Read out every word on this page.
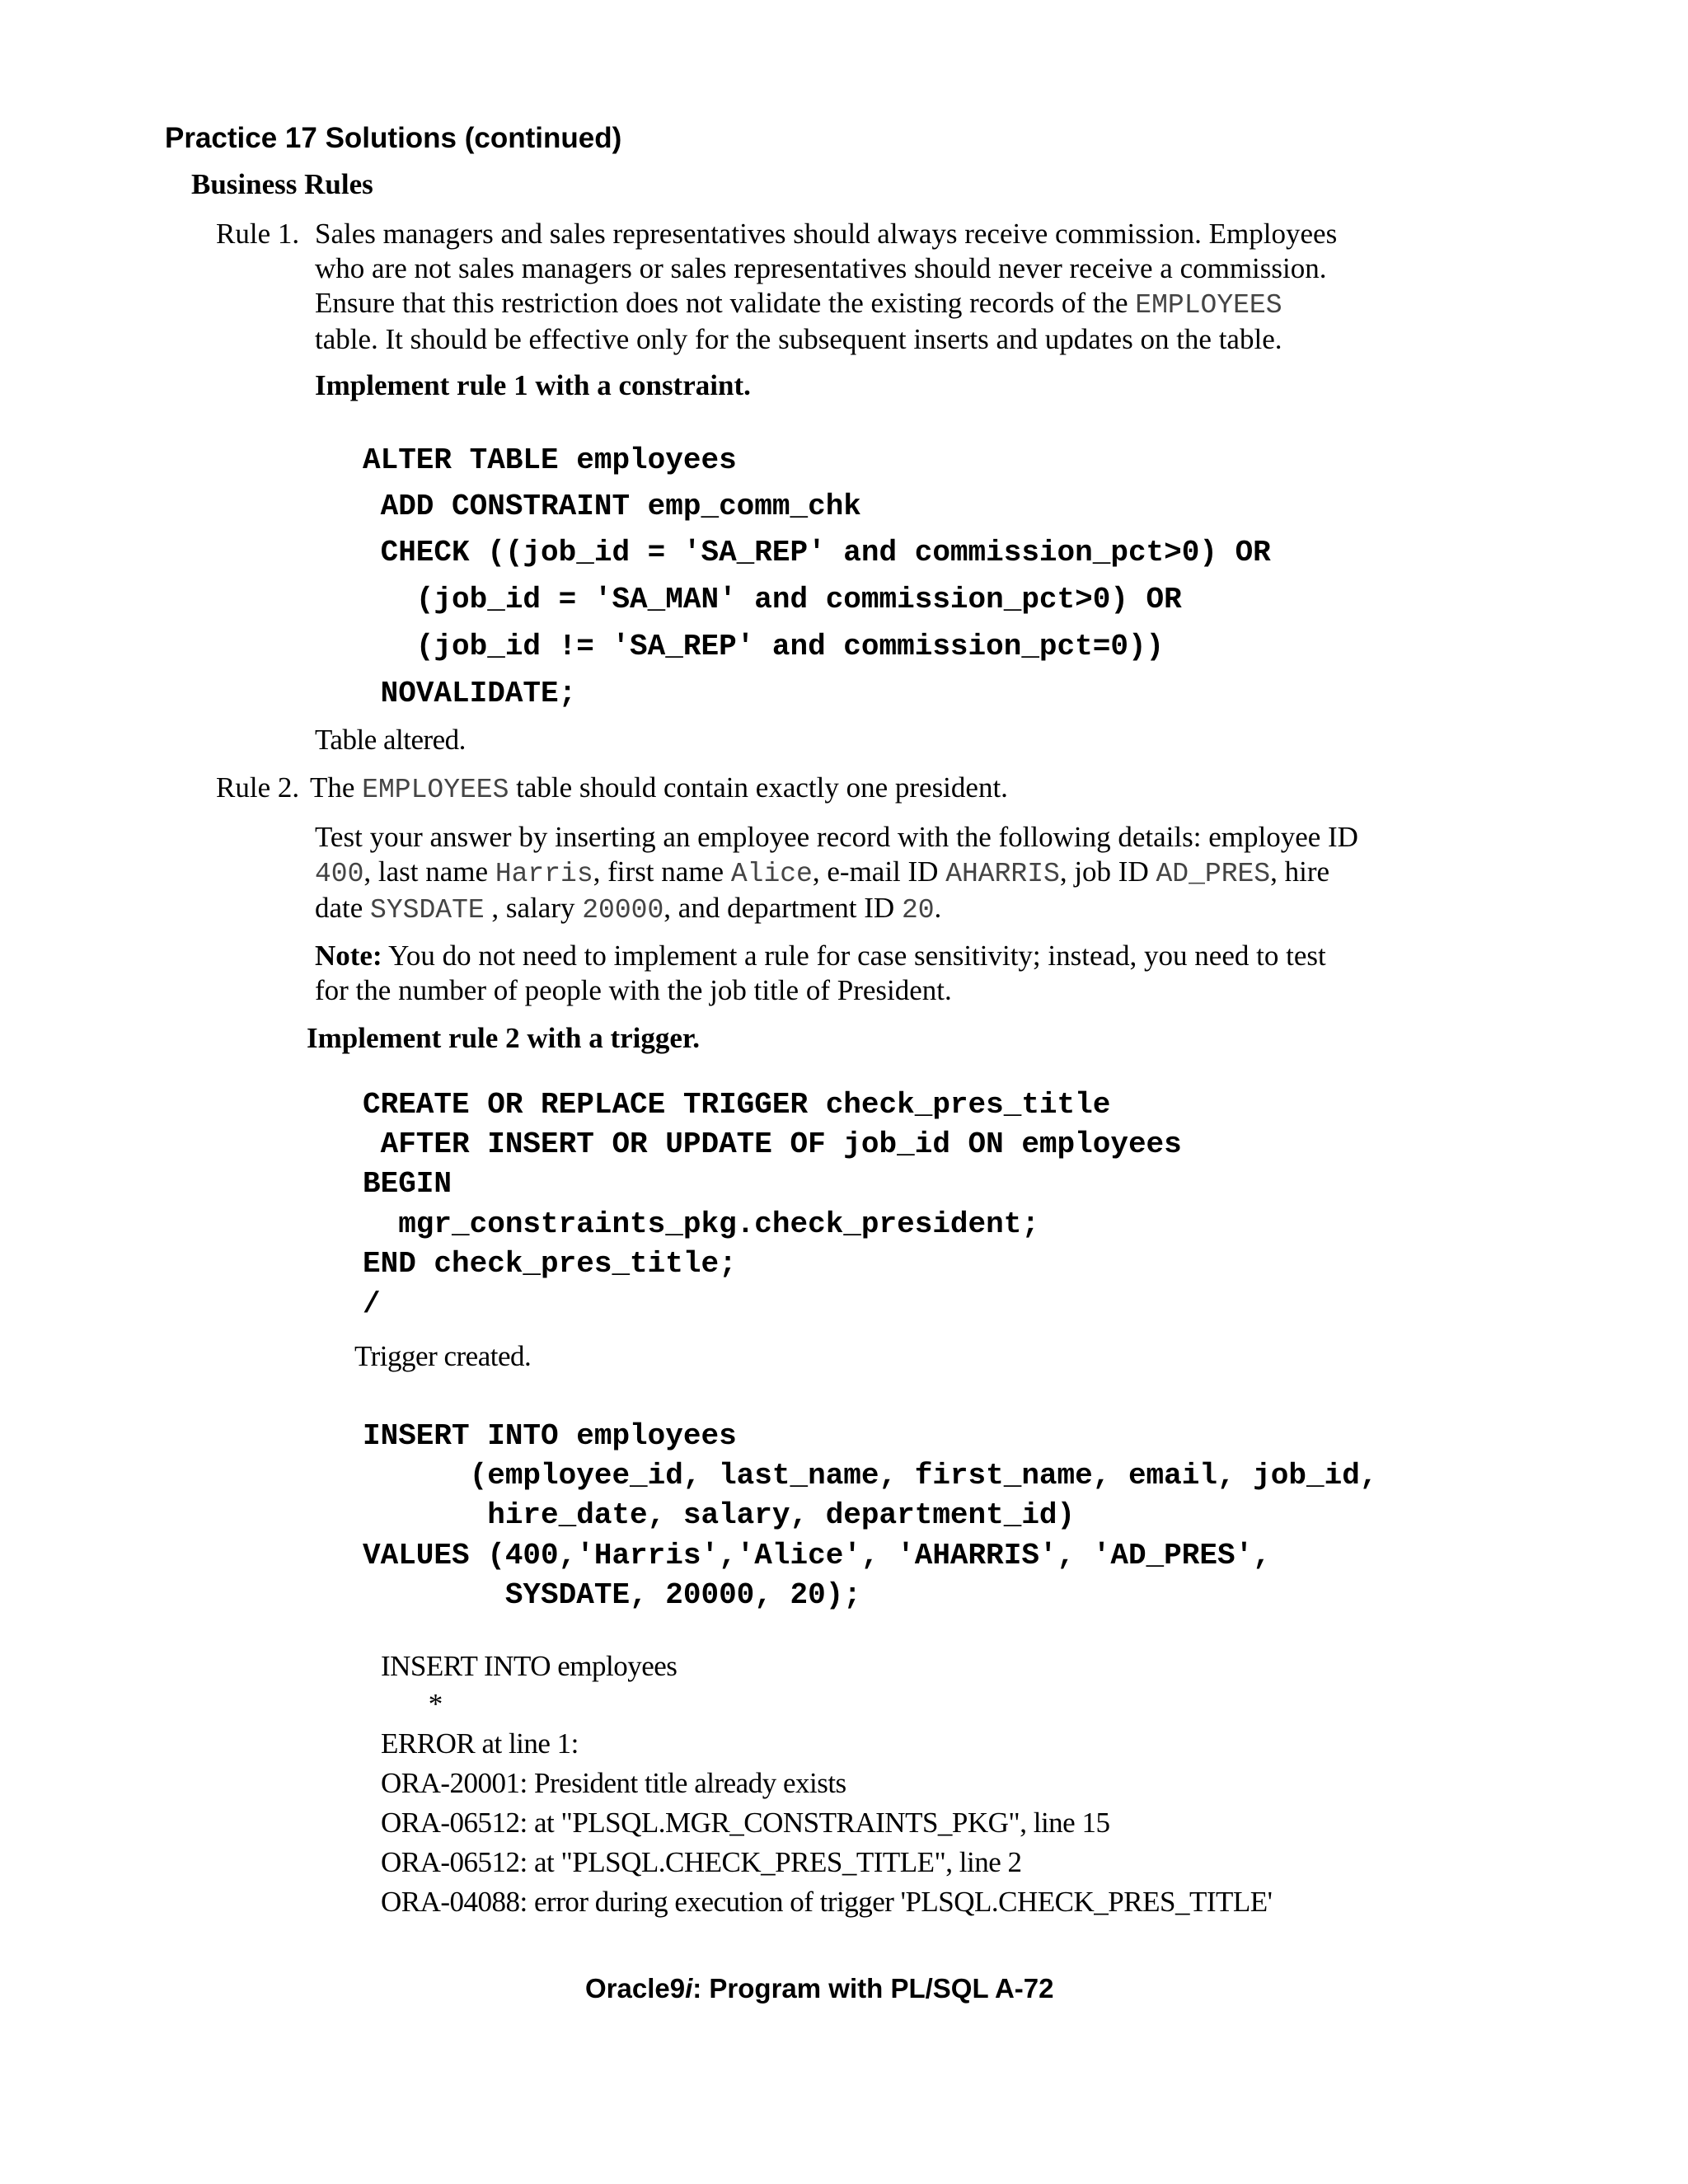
Practice 17 Solutions (continued)
Business Rules
Rule 1. Sales managers and sales representatives should always receive commission. Employees
who are not sales managers or sales representatives should never receive a commission.
Ensure that this restriction does not validate the existing records of the EMPLOYEES
table. It should be effective only for the subsequent inserts and updates on the table.
Implement rule 1 with a constraint.
ALTER TABLE employees
ADD CONSTRAINT emp_comm_chk
CHECK ((job_id = 'SA_REP' and commission_pct>0) OR
(job_id = 'SA_MAN' and commission_pct>0) OR
(job_id != 'SA_REP' and commission_pct=0))
NOVALIDATE;
Table altered.
Rule 2. The EMPLOYEES table should contain exactly one president.
Test your answer by inserting an employee record with the following details: employee ID
400, last name Harris, first name Alice, e-mail ID AHARRIS, job ID AD_PRES, hire
date SYSDATE , salary 20000, and department ID 20.
Note: You do not need to implement a rule for case sensitivity; instead, you need to test
for the number of people with the job title of President.
Implement rule 2 with a trigger.
CREATE OR REPLACE TRIGGER check_pres_title
AFTER INSERT OR UPDATE OF job_id ON employees
BEGIN
mgr_constraints_pkg.check_president;
END check_pres_title;
/
Trigger created.
INSERT INTO employees
(employee_id, last_name, first_name, email, job_id,
hire_date, salary, department_id)
VALUES (400,'Harris','Alice', 'AHARRIS', 'AD_PRES',
SYSDATE, 20000, 20);
INSERT INTO employees
*
ERROR at line 1:
ORA-20001: President title already exists
ORA-06512: at "PLSQL.MGR_CONSTRAINTS_PKG", line 15
ORA-06512: at "PLSQL.CHECK_PRES_TITLE", line 2
ORA-04088: error during execution of trigger 'PLSQL.CHECK_PRES_TITLE'
Oracle9i: Program with PL/SQL A-72
